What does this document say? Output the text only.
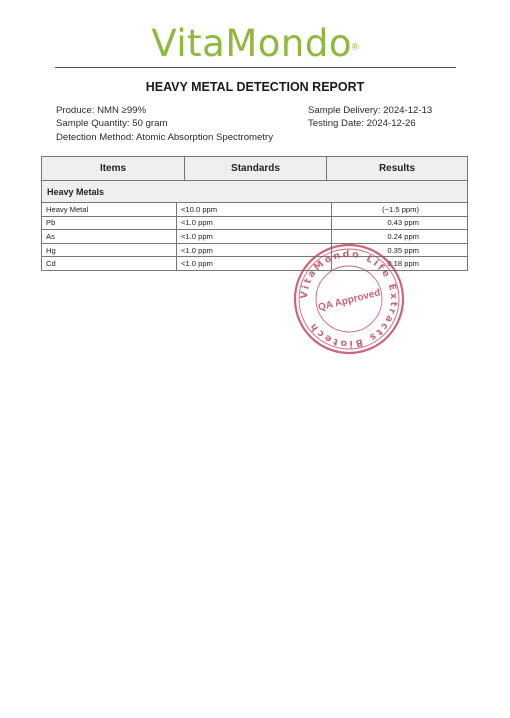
VitaMondo®
HEAVY METAL DETECTION REPORT
Produce: NMN ≥99%
Sample Quantity: 50 gram
Detection Method: Atomic Absorption Spectrometry
Sample Delivery: 2024-12-13
Testing Date: 2024-12-26
Items	Standards	Results
Heavy Metals
Heavy Metal	<10.0 ppm	(~1.5 ppm)
Pb	<1.0 ppm	0.43 ppm
As	<1.0 ppm	0.24 ppm
Hg	<1.0 ppm	0.35 ppm
Cd	<1.0 ppm	0.18 ppm
VitaMondo Life Extracts Biotech
QA Approved
